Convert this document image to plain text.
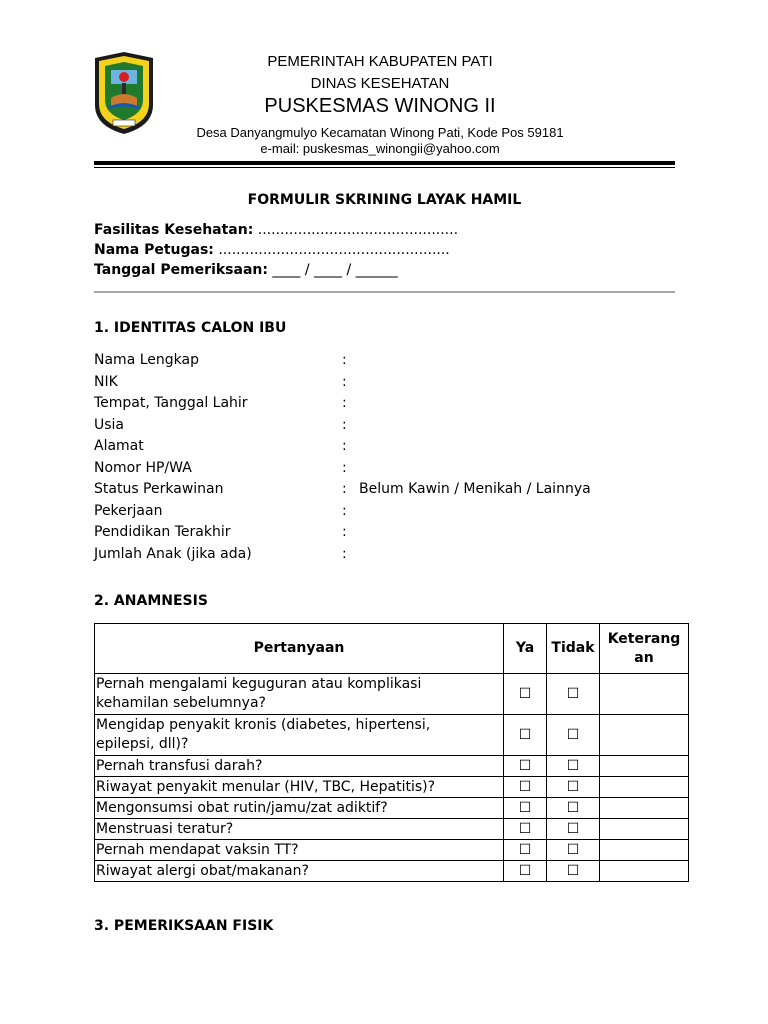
PEMERINTAH KABUPATEN PATI
DINAS KESEHATAN
PUSKESMAS WINONG II
Desa Danyangmulyo Kecamatan Winong Pati, Kode Pos 59181
e-mail: puskesmas_winongii@yahoo.com
FORMULIR SKRINING LAYAK HAMIL
Fasilitas Kesehatan: .............................................
Nama Petugas: ....................................................
Tanggal Pemeriksaan: ____ / ____ / ______
1. IDENTITAS CALON IBU
Nama Lengkap	:
NIK	:
Tempat, Tanggal Lahir	:
Usia	:
Alamat	:
Nomor HP/WA	:
Status Perkawinan	: Belum Kawin / Menikah / Lainnya
Pekerjaan	:
Pendidikan Terakhir	:
Jumlah Anak (jika ada)	:
2. ANAMNESIS
Pertanyaan	Ya	Tidak	Keterang
an
Pernah mengalami keguguran atau komplikasi
kehamilan sebelumnya?	☐	☐	
Mengidap penyakit kronis (diabetes, hipertensi,
epilepsi, dll)?	☐	☐	
Pernah transfusi darah?	☐	☐	
Riwayat penyakit menular (HIV, TBC, Hepatitis)?	☐	☐	
Mengonsumsi obat rutin/jamu/zat adiktif?	☐	☐	
Menstruasi teratur?	☐	☐	
Pernah mendapat vaksin TT?	☐	☐	
Riwayat alergi obat/makanan?	☐	☐	
3. PEMERIKSAAN FISIK
